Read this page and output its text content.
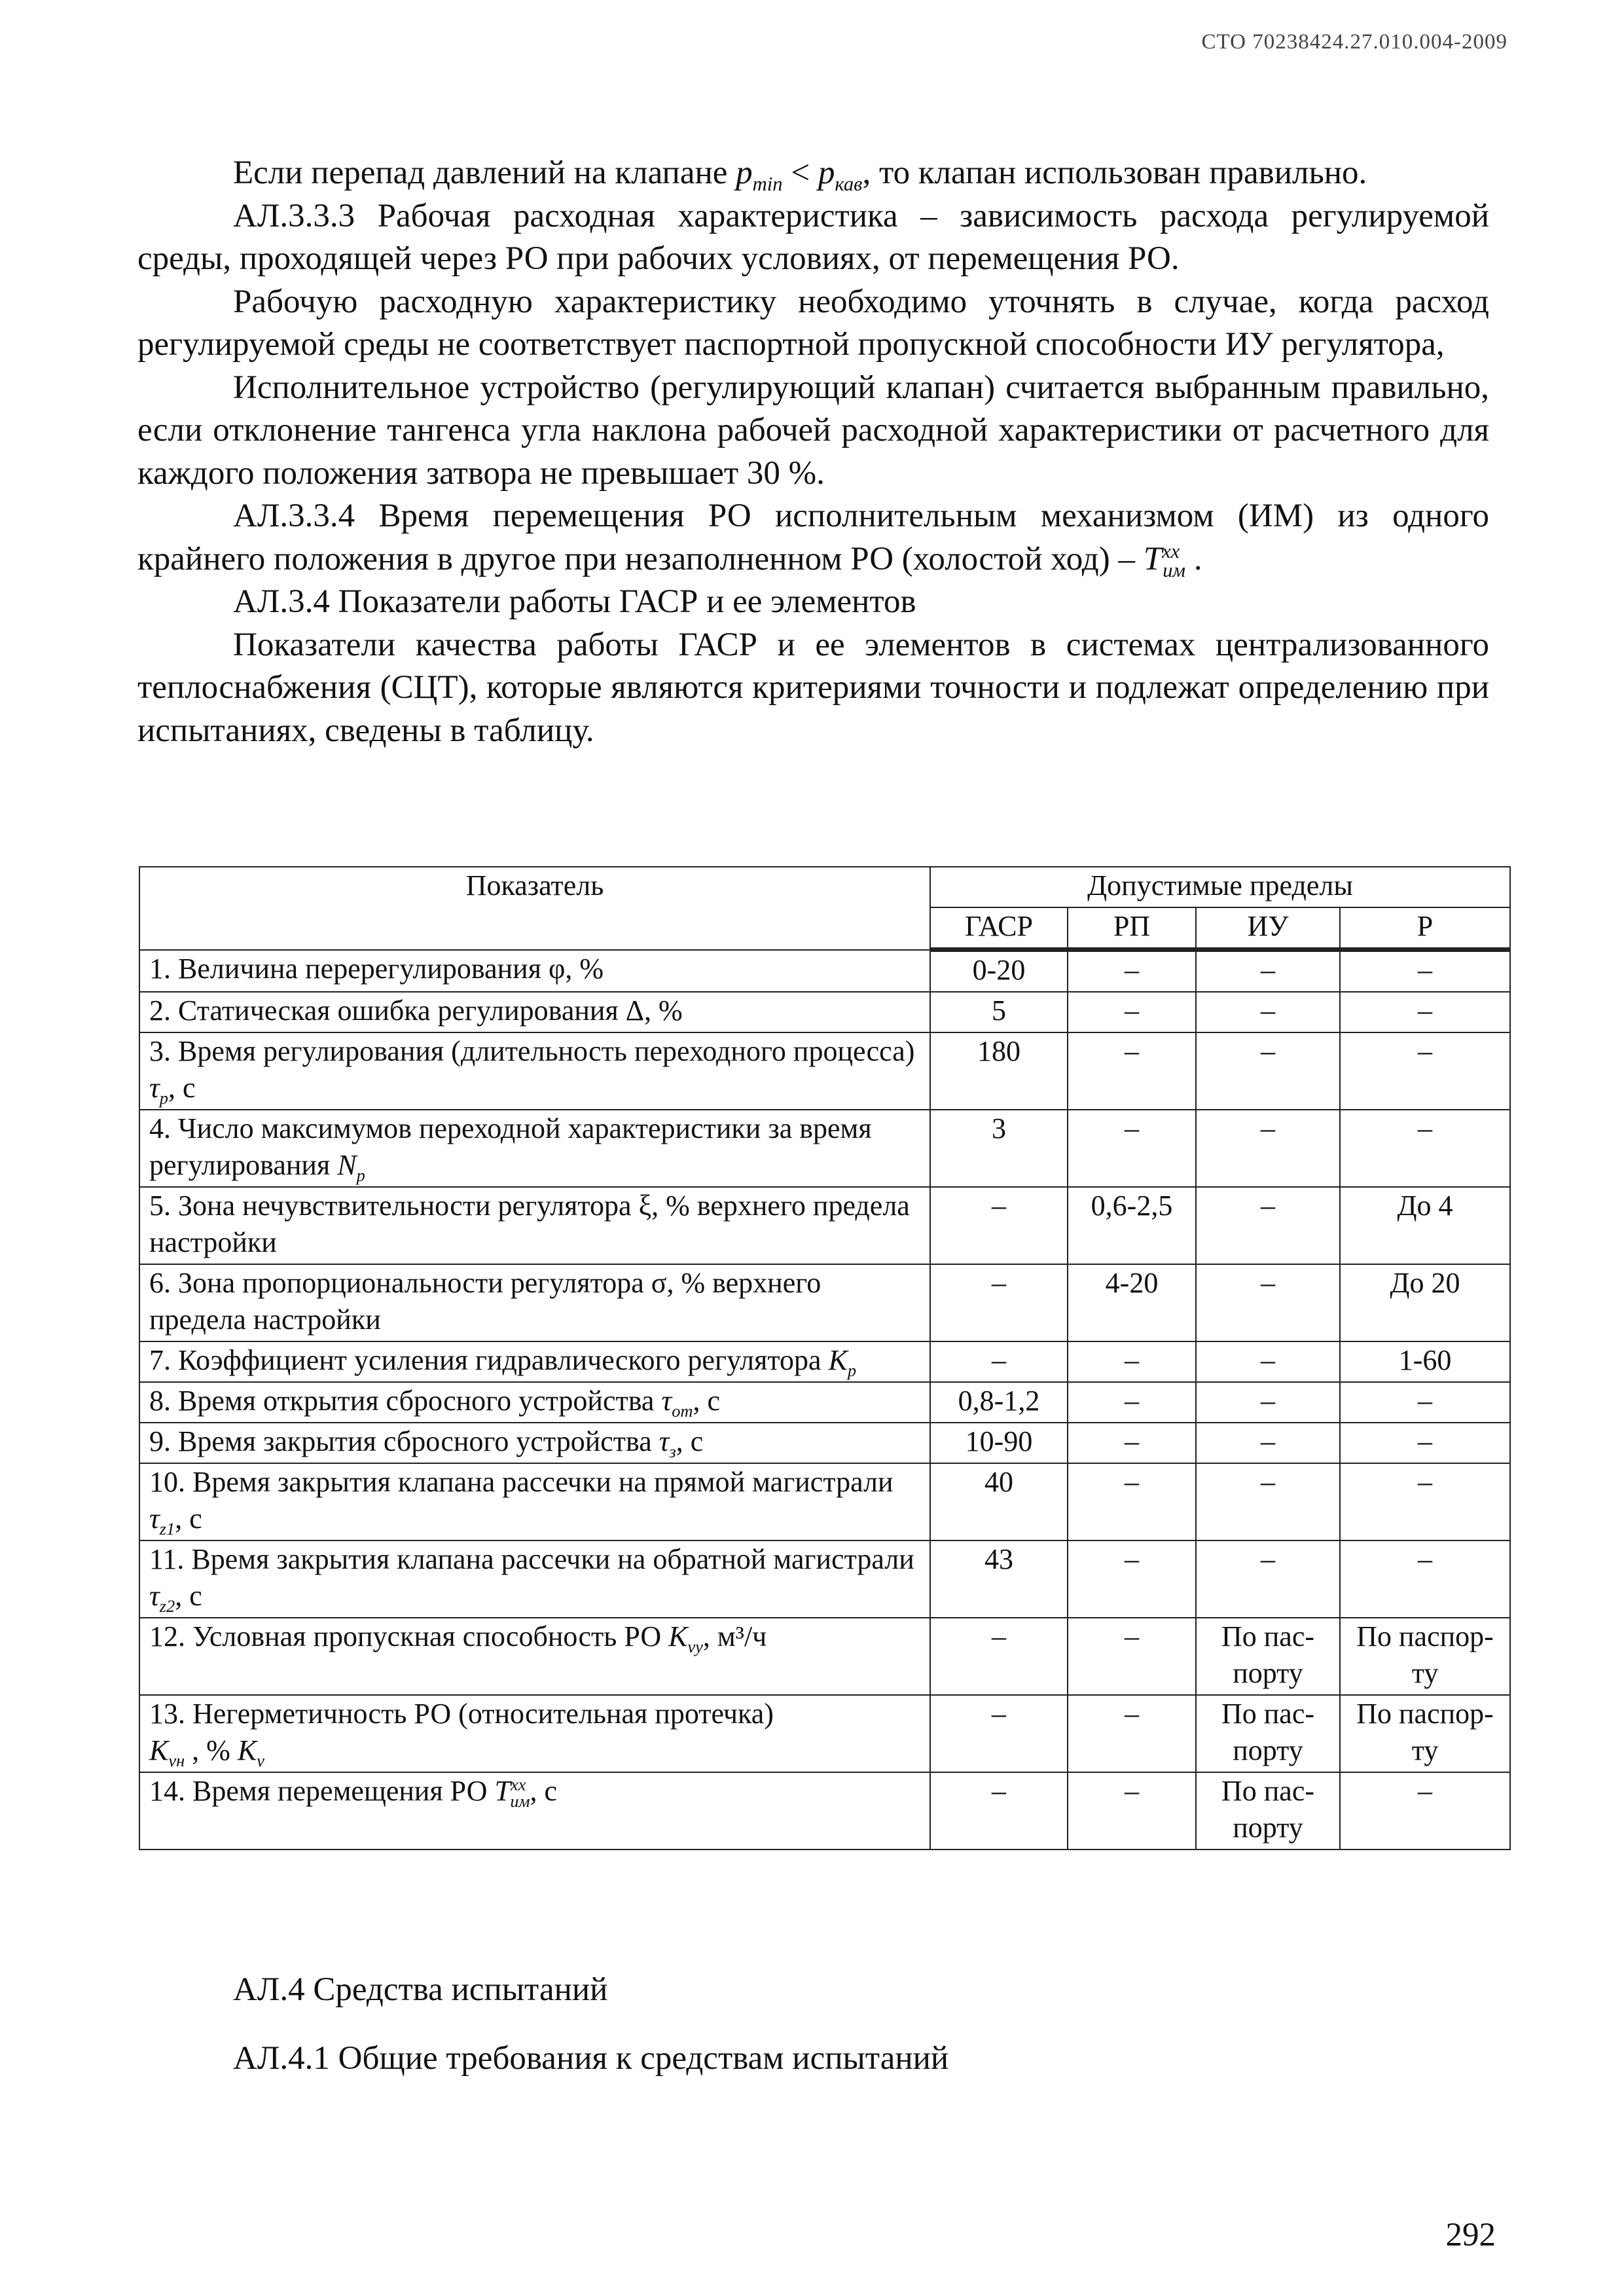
СТО 70238424.27.010.004-2009

Если перепад давлений на клапане $p_{min} < p_{кав}$, то клапан использован правильно.

АЛ.3.3.3 Рабочая расходная характеристика – зависимость расхода регулируемой среды, проходящей через РО при рабочих условиях, от перемещения РО.

Рабочую расходную характеристику необходимо уточнять в случае, когда расход регулируемой среды не соответствует паспортной пропускной способности ИУ регулятора,

Исполнительное устройство (регулирующий клапан) считается выбранным правильно, если отклонение тангенса угла наклона рабочей расходной характеристики от расчетного для каждого положения затвора не превышает 30 %.

АЛ.3.3.4 Время перемещения РО исполнительным механизмом (ИМ) из одного крайнего положения в другое при незаполненном РО (холостой $ход) - T^{xx}_{им}$ .

АЛ.3.4 Показатели работы ГАСР и ее элементов

Показатели качества работы ГАСР и ее элементов в системах централизованного теплоснабжения (СЦТ), которые являются критериями точности и подлежат определению при испытаниях, сведены в таблицу.

Показатель	Допустимые пределы			
	ГАСР	РП	ИУ	Р
1. Величина перерегулирования φ, %	0-20	–	–	–
2. Статическая ошибка регулирования Δ, %	5	–	–	–
3. Время регулирования (длительность переходного процесса) $\tau_р$, с	180	–	–	–
4. Число максимумов переходной характеристики за время регулирования $N_р$	3	–	–	–
5. Зона нечувствительности регулятора ξ, % верхнего предела настройки	–	0,6-2,5	–	До 4
6. Зона пропорциональности регулятора σ, % верхнего предела настройки	–	4-20	–	До 20
7. Коэффициент усиления гидравлического регулятора $K_р$	–	–	–	1-60
8. Время открытия сбросного устройства $\tau_{от}$, с	0,8-1,2	–	–	–
9. Время закрытия сбросного устройства $\tau_з$, с	10-90	–	–	–
10. Время закрытия клапана рассечки на прямой магистрали $\tau_{z1}$, с	40	–	–	–
11. Время закрытия клапана рассечки на обратной магистрали $\tau_{z2}$, с	43	–	–	–
12. Условная пропускная способность РО $K_{vy}$, м³/ч	–	–	По паспорту	По паспорту
13. Негерметичность РО (относительная протечка)
$K_{vн}$ , % $K_v$	–	–	По паспорту	По паспорту
14. Время перемещения РО $T^{xx}_{им}$, с	–	–	По паспорту	–
АЛ.4 Средства испытаний
АЛ.4.1 Общие требования к средствам испытаний
292
